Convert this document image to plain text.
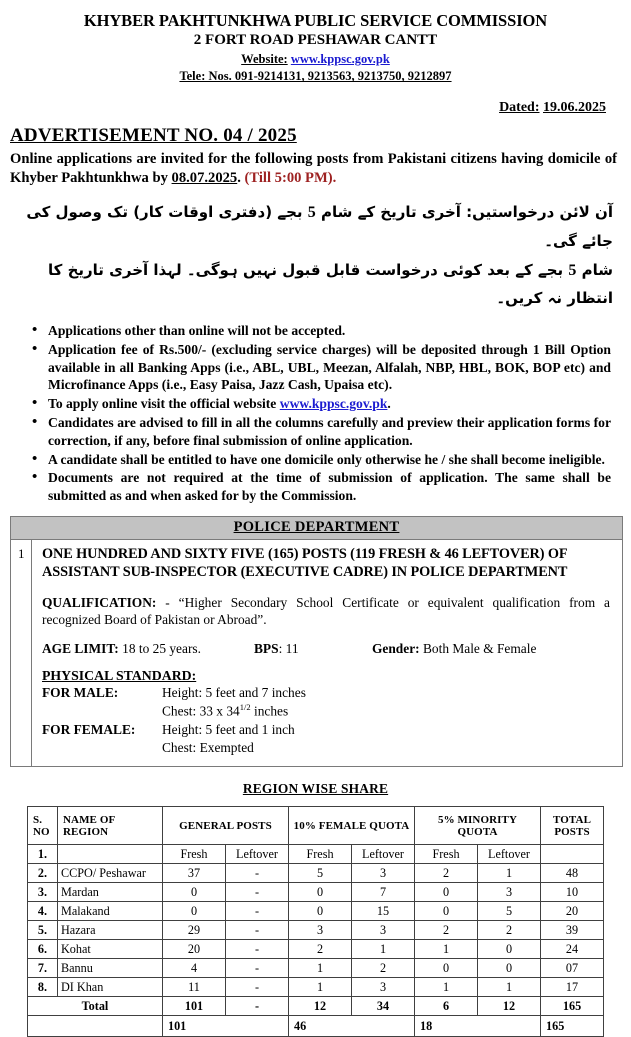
KHYBER PAKHTUNKHWA PUBLIC SERVICE COMMISSION
2 FORT ROAD PESHAWAR CANTT
Website: www.kppsc.gov.pk
Tele: Nos. 091-9214131, 9213563, 9213750, 9212897
Dated: 19.06.2025
ADVERTISEMENT NO. 04 / 2025
Online applications are invited for the following posts from Pakistani citizens having domicile of Khyber Pakhtunkhwa by 08.07.2025. (Till 5:00 PM).
آن لائن درخواستیں: آخری تاریخ کے شام 5 بجے (دفتری اوقات کار) تک وصول کی جائے گی۔
شام 5 بجے کے بعد کوئی درخواست قابل قبول نہیں ہوگی۔ لہذا آخری تاریخ کا انتظار نہ کریں۔
• Applications other than online will not be accepted.
• Application fee of Rs.500/- (excluding service charges) will be deposited through 1 Bill Option available in all Banking Apps (i.e., ABL, UBL, Meezan, Alfalah, NBP, HBL, BOK, BOP etc) and Microfinance Apps (i.e., Easy Paisa, Jazz Cash, Upaisa etc).
• To apply online visit the official website www.kppsc.gov.pk.
• Candidates are advised to fill in all the columns carefully and preview their application forms for correction, if any, before final submission of online application.
• A candidate shall be entitled to have one domicile only otherwise he / she shall become ineligible.
• Documents are not required at the time of submission of application. The same shall be submitted as and when asked for by the Commission.
POLICE DEPARTMENT
1	ONE HUNDRED AND SIXTY FIVE (165) POSTS (119 FRESH & 46 LEFTOVER) OF ASSISTANT SUB-INSPECTOR (EXECUTIVE CADRE) IN POLICE DEPARTMENT
QUALIFICATION: - “Higher Secondary School Certificate or equivalent qualification from a recognized Board of Pakistan or Abroad”.
AGE LIMIT: 18 to 25 years.	BPS: 11	Gender: Both Male & Female
PHYSICAL STANDARD:
FOR MALE:	Height: 5 feet and 7 inches
Chest: 33 x $34^{1/2}$ inches
FOR FEMALE:	Height: 5 feet and 1 inch
Chest: Exempted
REGION WISE SHARE
S. NO	NAME OF REGION	GENERAL POSTS		10% FEMALE QUOTA		5% MINORITY QUOTA		TOTAL POSTS
1.		Fresh	Leftover	Fresh	Leftover	Fresh	Leftover	
2.	CCPO/ Peshawar	37	-	5	3	2	1	48
3.	Mardan	0	-	0	7	0	3	10
4.	Malakand	0	-	0	15	0	5	20
5.	Hazara	29	-	3	3	2	2	39
6.	Kohat	20	-	2	1	1	0	24
7.	Bannu	4	-	1	2	0	0	07
8.	DI Khan	11	-	1	3	1	1	17
Total		101	-	12	34	6	12	165
		101		46		18		165
